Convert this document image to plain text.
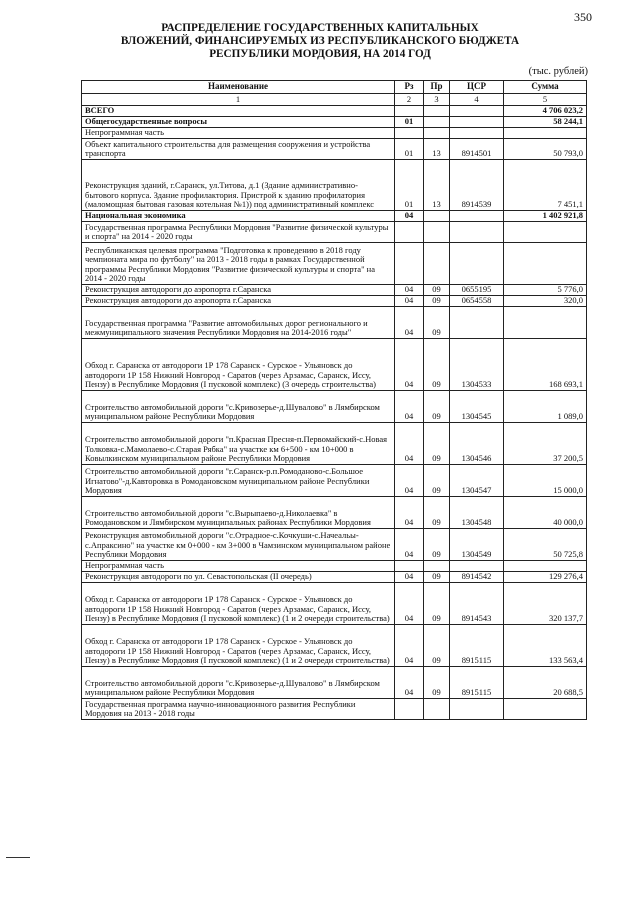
350
РАСПРЕДЕЛЕНИЕ ГОСУДАРСТВЕННЫХ КАПИТАЛЬНЫХ
ВЛОЖЕНИЙ, ФИНАНСИРУЕМЫХ ИЗ РЕСПУБЛИКАНСКОГО БЮДЖЕТА
РЕСПУБЛИКИ МОРДОВИЯ, НА 2014 ГОД
(тыс. рублей)
Наименование	Рз	Пр	ЦСР	Сумма
1	2	3	4	5
ВСЕГО				4 706 023,2
Общегосударственные вопросы	01			58 244,1
Непрограммная часть				
Объект капитального строительства для размещения сооружения и устройства транспорта	01	13	8914501	50 793,0
Реконструкция зданий, г.Саранск, ул.Титова, д.1 (Здание административно-бытового корпуса. Здание профилактория. Пристрой к зданию профилатория (маломощная бытовая газовая котельная №1)) под административный комплекс	01	13	8914539	7 451,1
Национальная экономика	04			1 402 921,8
Государственная программа Республики Мордовия "Развитие физической культуры и спорта" на 2014 - 2020 годы				
Республиканская целевая программа "Подготовка к проведению в 2018 году чемпионата мира по футболу" на 2013 - 2018 годы в рамках Государственной программы Республики Мордовия "Развитие физической культуры и спорта" на 2014 - 2020 годы				
Реконструкция автодороги до аэропорта г.Саранска	04	09	0655195	5 776,0
Реконструкция автодороги до аэропорта г.Саранска	04	09	0654558	320,0
Государственная программа "Развитие автомобильных дорог регионального и межмуниципального значения Республики Мордовия на 2014-2016 годы"	04	09		
Обход г. Саранска от автодороги 1Р 178 Саранск - Сурское - Ульяновск до автодороги 1Р 158 Нижний Новгород - Саратов (через Арзамас, Саранск, Иссу, Пензу) в Республике Мордовия (I пусковой комплекс) (3 очередь строительства)	04	09	1304533	168 693,1
Строительство автомобильной дороги "с.Кривозерье-д.Шувалово" в Лямбирском муниципальном районе Республики Мордовия	04	09	1304545	1 089,0
Строительство автомобильной дороги "п.Красная Пресня-п.Первомайский-с.Новая Толковка-с.Мамолаево-с.Старая Рябка" на участке км 6+500 - км 10+000 в Ковылкинском муниципальном районе Республики Мордовия	04	09	1304546	37 200,5
Строительство автомобильной дороги "г.Саранск-р.п.Ромоданово-с.Большое Игнатово"-д.Кавторовка в Ромодановском муниципальном районе Республики Мордовия	04	09	1304547	15 000,0
Строительство автомобильной дороги "с.Вырыпаево-д.Николаевка" в Ромодановском и Лямбирском муниципальных районах Республики Мордовия	04	09	1304548	40 000,0
Реконструкция автомобильной дороги "с.Отрадное-с.Кочкуши-с.Начеальы-с.Апраксино" на участке км 0+000 - км 3+000 в Чамзинском муниципальном районе Республики Мордовия	04	09	1304549	50 725,8
Непрограммная часть				
Реконструкция автодороги по ул. Севастопольская (II очередь)	04	09	8914542	129 276,4
Обход г. Саранска от автодороги 1Р 178 Саранск - Сурское - Ульяновск до автодороги 1Р 158 Нижний Новгород - Саратов (через Арзамас, Саранск, Иссу, Пензу) в Республике Мордовия (I пусковой комплекс) (1 и 2 очереди строительства)	04	09	8914543	320 137,7
Обход г. Саранска от автодороги 1Р 178 Саранск - Сурское - Ульяновск до автодороги 1Р 158 Нижний Новгород - Саратов (через Арзамас, Саранск, Иссу, Пензу) в Республике Мордовия (I пусковой комплекс) (1 и 2 очереди строительства)	04	09	8915115	133 563,4
Строительство автомобильной дороги "с.Кривозерье-д.Шувалово" в Лямбирском муниципальном районе Республики Мордовия	04	09	8915115	20 688,5
Государственная программа научно-инновационного развития Республики Мордовия на 2013 - 2018 годы				
